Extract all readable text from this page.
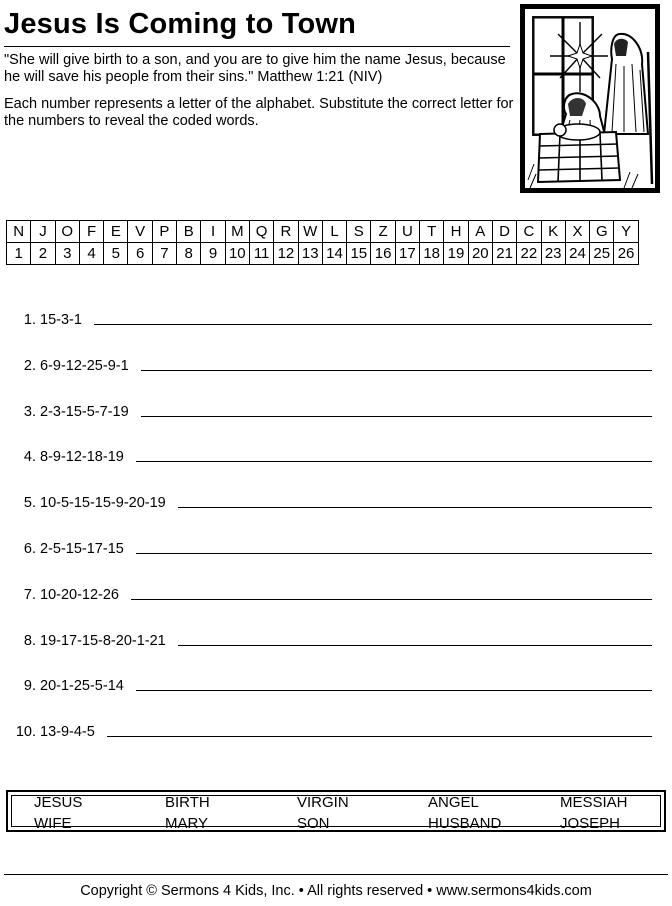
Jesus Is Coming to Town
"She will give birth to a son, and you are to give him the name Jesus, because he will save his people from their sins." Matthew 1:21 (NIV)
Each number represents a letter of the alphabet. Substitute the correct letter for the numbers to reveal the coded words.
N	J	O	F	E	V	P	B	I	M	Q	R	W	L	S	Z	U	T	H	A	D	C	K	X	G	Y
1	2	3	4	5	6	7	8	9	10	11	12	13	14	15	16	17	18	19	20	21	22	23	24	25	26
1. 15-3-1
2. 6-9-12-25-9-1
3. 2-3-15-5-7-19
4. 8-9-12-18-19
5. 10-5-15-15-9-20-19
6. 2-5-15-17-15
7. 10-20-12-26
8. 19-17-15-8-20-1-21
9. 20-1-25-5-14
10. 13-9-4-5
JESUS	BIRTH	VIRGIN	ANGEL	MESSIAH
WIFE	MARY	SON	HUSBAND	JOSEPH
Copyright © Sermons 4 Kids, Inc. • All rights reserved • www.sermons4kids.com
